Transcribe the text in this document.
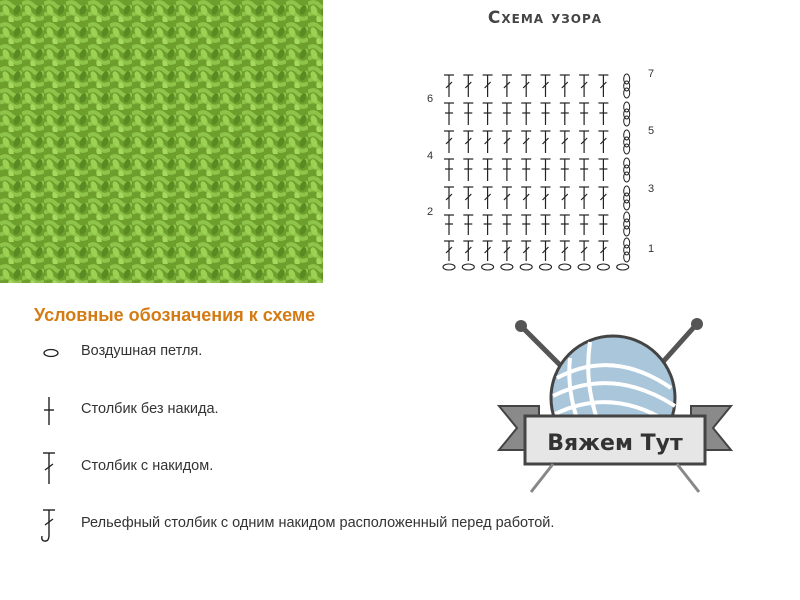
Схема узора
6
4
2
7
5
3
1
Условные обозначения к схеме
Воздушная петля.
Столбик без накида.
Столбик с накидом.
Рельефный столбик с одним накидом расположенный перед работой.
Вяжем Тут
